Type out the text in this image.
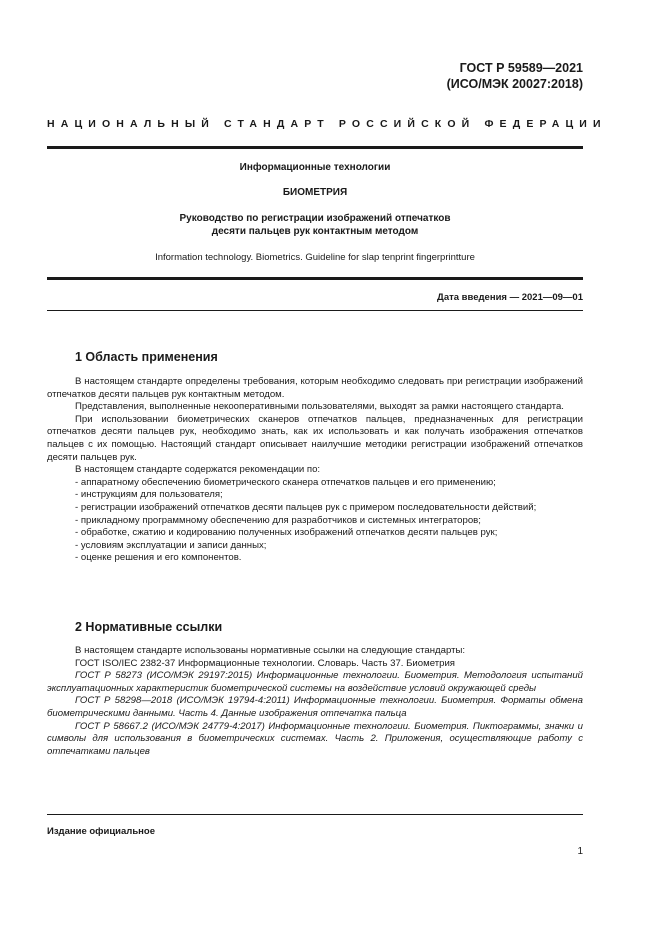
ГОСТ Р 59589—2021
(ИСО/МЭК 20027:2018)
НАЦИОНАЛЬНЫЙ СТАНДАРТ РОССИЙСКОЙ ФЕДЕРАЦИИ
Информационные технологии
БИОМЕТРИЯ
Руководство по регистрации изображений отпечатков
десяти пальцев рук контактным методом
Information technology. Biometrics. Guideline for slap tenprint fingerprintture
Дата введения — 2021—09—01
1 Область применения

В настоящем стандарте определены требования, которым необходимо следовать при регистрации изображений отпечатков десяти пальцев рук контактным методом.

Представления, выполненные некооперативными пользователями, выходят за рамки настоящего стандарта.

При использовании биометрических сканеров отпечатков пальцев, предназначенных для регистрации отпечатков десяти пальцев рук, необходимо знать, как их использовать и как получать изображения отпечатков пальцев с их помощью. Настоящий стандарт описывает наилучшие методики регистрации изображений отпечатков десяти пальцев рук.

В настоящем стандарте содержатся рекомендации по:

- аппаратному обеспечению биометрического сканера отпечатков пальцев и его применению;

- инструкциям для пользователя;

- регистрации изображений отпечатков десяти пальцев рук с примером последовательности действий;

- прикладному программному обеспечению для разработчиков и системных интеграторов;

- обработке, сжатию и кодированию полученных изображений отпечатков десяти пальцев рук;

- условиям эксплуатации и записи данных;

- оценке решения и его компонентов.

2 Нормативные ссылки

В настоящем стандарте использованы нормативные ссылки на следующие стандарты:

ГОСТ ISO/IEC 2382-37 Информационные технологии. Словарь. Часть 37. Биометрия

ГОСТ Р 58273 (ИСО/МЭК 29197:2015) Информационные технологии. Биометрия. Методология испытаний эксплуатационных характеристик биометрической системы на воздействие условий окружающей среды

ГОСТ Р 58298—2018 (ИСО/МЭК 19794-4:2011) Информационные технологии. Биометрия. Форматы обмена биометрическими данными. Часть 4. Данные изображения отпечатка пальца

ГОСТ Р 58667.2 (ИСО/МЭК 24779-4:2017) Информационные технологии. Биометрия. Пиктограммы, значки и символы для использования в биометрических системах. Часть 2. Приложения, осуществляющие работу с отпечатками пальцев

Издание официальное
1
